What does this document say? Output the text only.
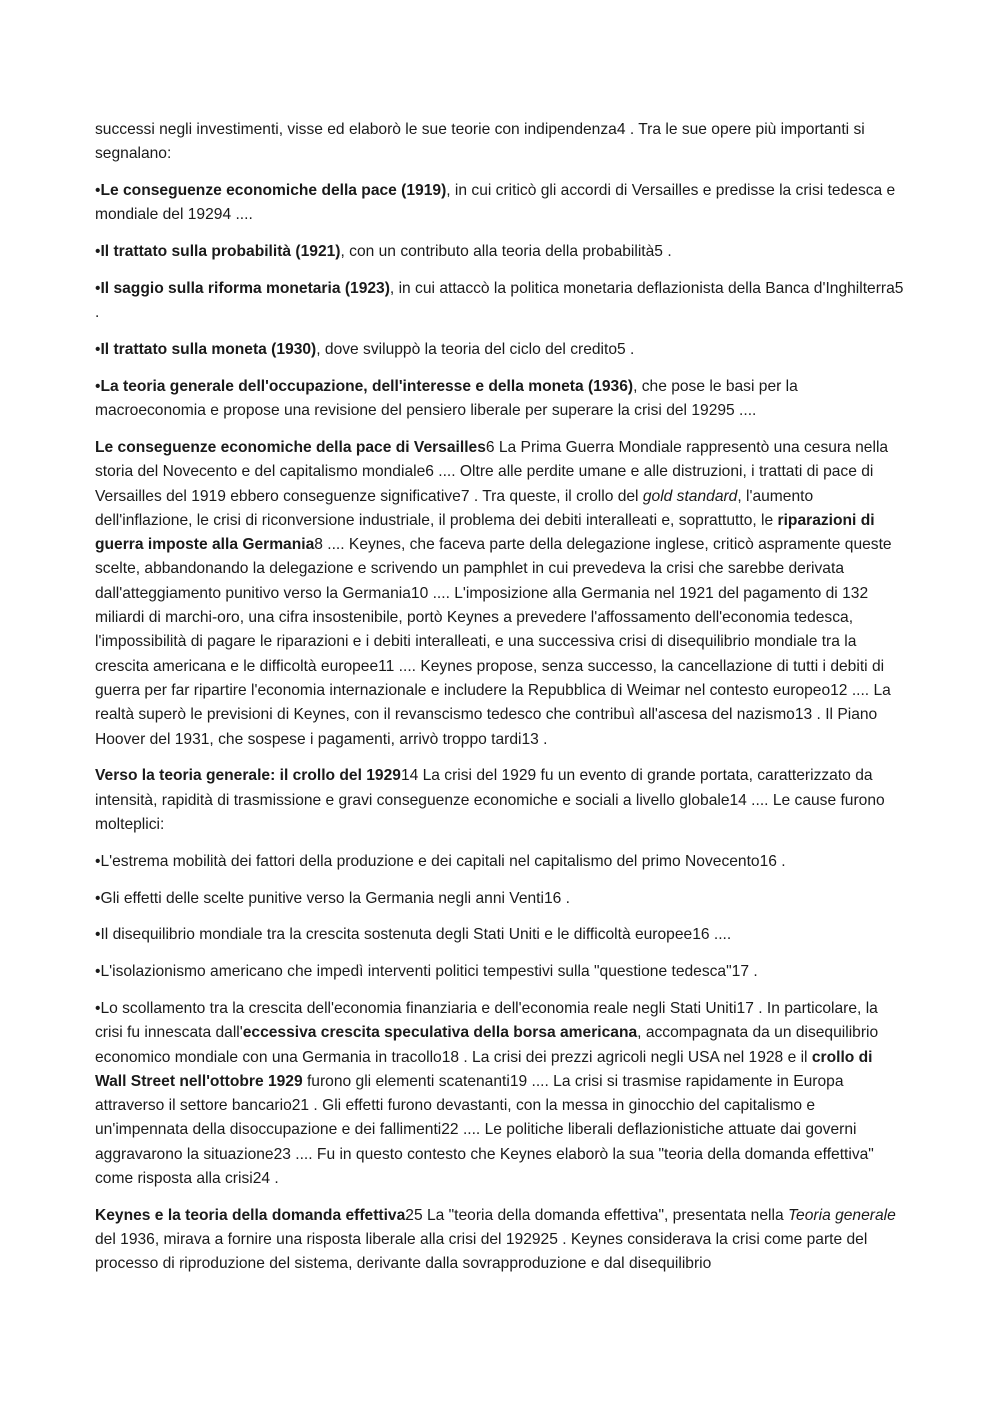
successi negli investimenti, visse ed elaborò le sue teorie con indipendenza4 . Tra le sue opere più importanti si segnalano:

•Le conseguenze economiche della pace (1919), in cui criticò gli accordi di Versailles e predisse la crisi tedesca e mondiale del 19294 ....

•Il trattato sulla probabilità (1921), con un contributo alla teoria della probabilità5 .

•Il saggio sulla riforma monetaria (1923), in cui attaccò la politica monetaria deflazionista della Banca d'Inghilterra5 .

•Il trattato sulla moneta (1930), dove sviluppò la teoria del ciclo del credito5 .

•La teoria generale dell'occupazione, dell'interesse e della moneta (1936), che pose le basi per la macroeconomia e propose una revisione del pensiero liberale per superare la crisi del 19295 ....

Le conseguenze economiche della pace di Versailles6 La Prima Guerra Mondiale rappresentò una cesura nella storia del Novecento e del capitalismo mondiale6 .... Oltre alle perdite umane e alle distruzioni, i trattati di pace di Versailles del 1919 ebbero conseguenze significative7 . Tra queste, il crollo del gold standard, l'aumento dell'inflazione, le crisi di riconversione industriale, il problema dei debiti interalleati e, soprattutto, le riparazioni di guerra imposte alla Germania8 .... Keynes, che faceva parte della delegazione inglese, criticò aspramente queste scelte, abbandonando la delegazione e scrivendo un pamphlet in cui prevedeva la crisi che sarebbe derivata dall'atteggiamento punitivo verso la Germania10 .... L'imposizione alla Germania nel 1921 del pagamento di 132 miliardi di marchi-oro, una cifra insostenibile, portò Keynes a prevedere l'affossamento dell'economia tedesca, l'impossibilità di pagare le riparazioni e i debiti interalleati, e una successiva crisi di disequilibrio mondiale tra la crescita americana e le difficoltà europee11 .... Keynes propose, senza successo, la cancellazione di tutti i debiti di guerra per far ripartire l'economia internazionale e includere la Repubblica di Weimar nel contesto europeo12 .... La realtà superò le previsioni di Keynes, con il revanscismo tedesco che contribuì all'ascesa del nazismo13 . Il Piano Hoover del 1931, che sospese i pagamenti, arrivò troppo tardi13 .

Verso la teoria generale: il crollo del 192914 La crisi del 1929 fu un evento di grande portata, caratterizzato da intensità, rapidità di trasmissione e gravi conseguenze economiche e sociali a livello globale14 .... Le cause furono molteplici:

•L'estrema mobilità dei fattori della produzione e dei capitali nel capitalismo del primo Novecento16 .

•Gli effetti delle scelte punitive verso la Germania negli anni Venti16 .

•Il disequilibrio mondiale tra la crescita sostenuta degli Stati Uniti e le difficoltà europee16 ....

•L'isolazionismo americano che impedì interventi politici tempestivi sulla "questione tedesca"17 .

•Lo scollamento tra la crescita dell'economia finanziaria e dell'economia reale negli Stati Uniti17 . In particolare, la crisi fu innescata dall'eccessiva crescita speculativa della borsa americana, accompagnata da un disequilibrio economico mondiale con una Germania in tracollo18 . La crisi dei prezzi agricoli negli USA nel 1928 e il crollo di Wall Street nell'ottobre 1929 furono gli elementi scatenanti19 .... La crisi si trasmise rapidamente in Europa attraverso il settore bancario21 . Gli effetti furono devastanti, con la messa in ginocchio del capitalismo e un'impennata della disoccupazione e dei fallimenti22 .... Le politiche liberali deflazionistiche attuate dai governi aggravarono la situazione23 .... Fu in questo contesto che Keynes elaborò la sua "teoria della domanda effettiva" come risposta alla crisi24 .

Keynes e la teoria della domanda effettiva25 La "teoria della domanda effettiva", presentata nella Teoria generale del 1936, mirava a fornire una risposta liberale alla crisi del 192925 . Keynes considerava la crisi come parte del processo di riproduzione del sistema, derivante dalla sovrapproduzione e dal disequilibrio
